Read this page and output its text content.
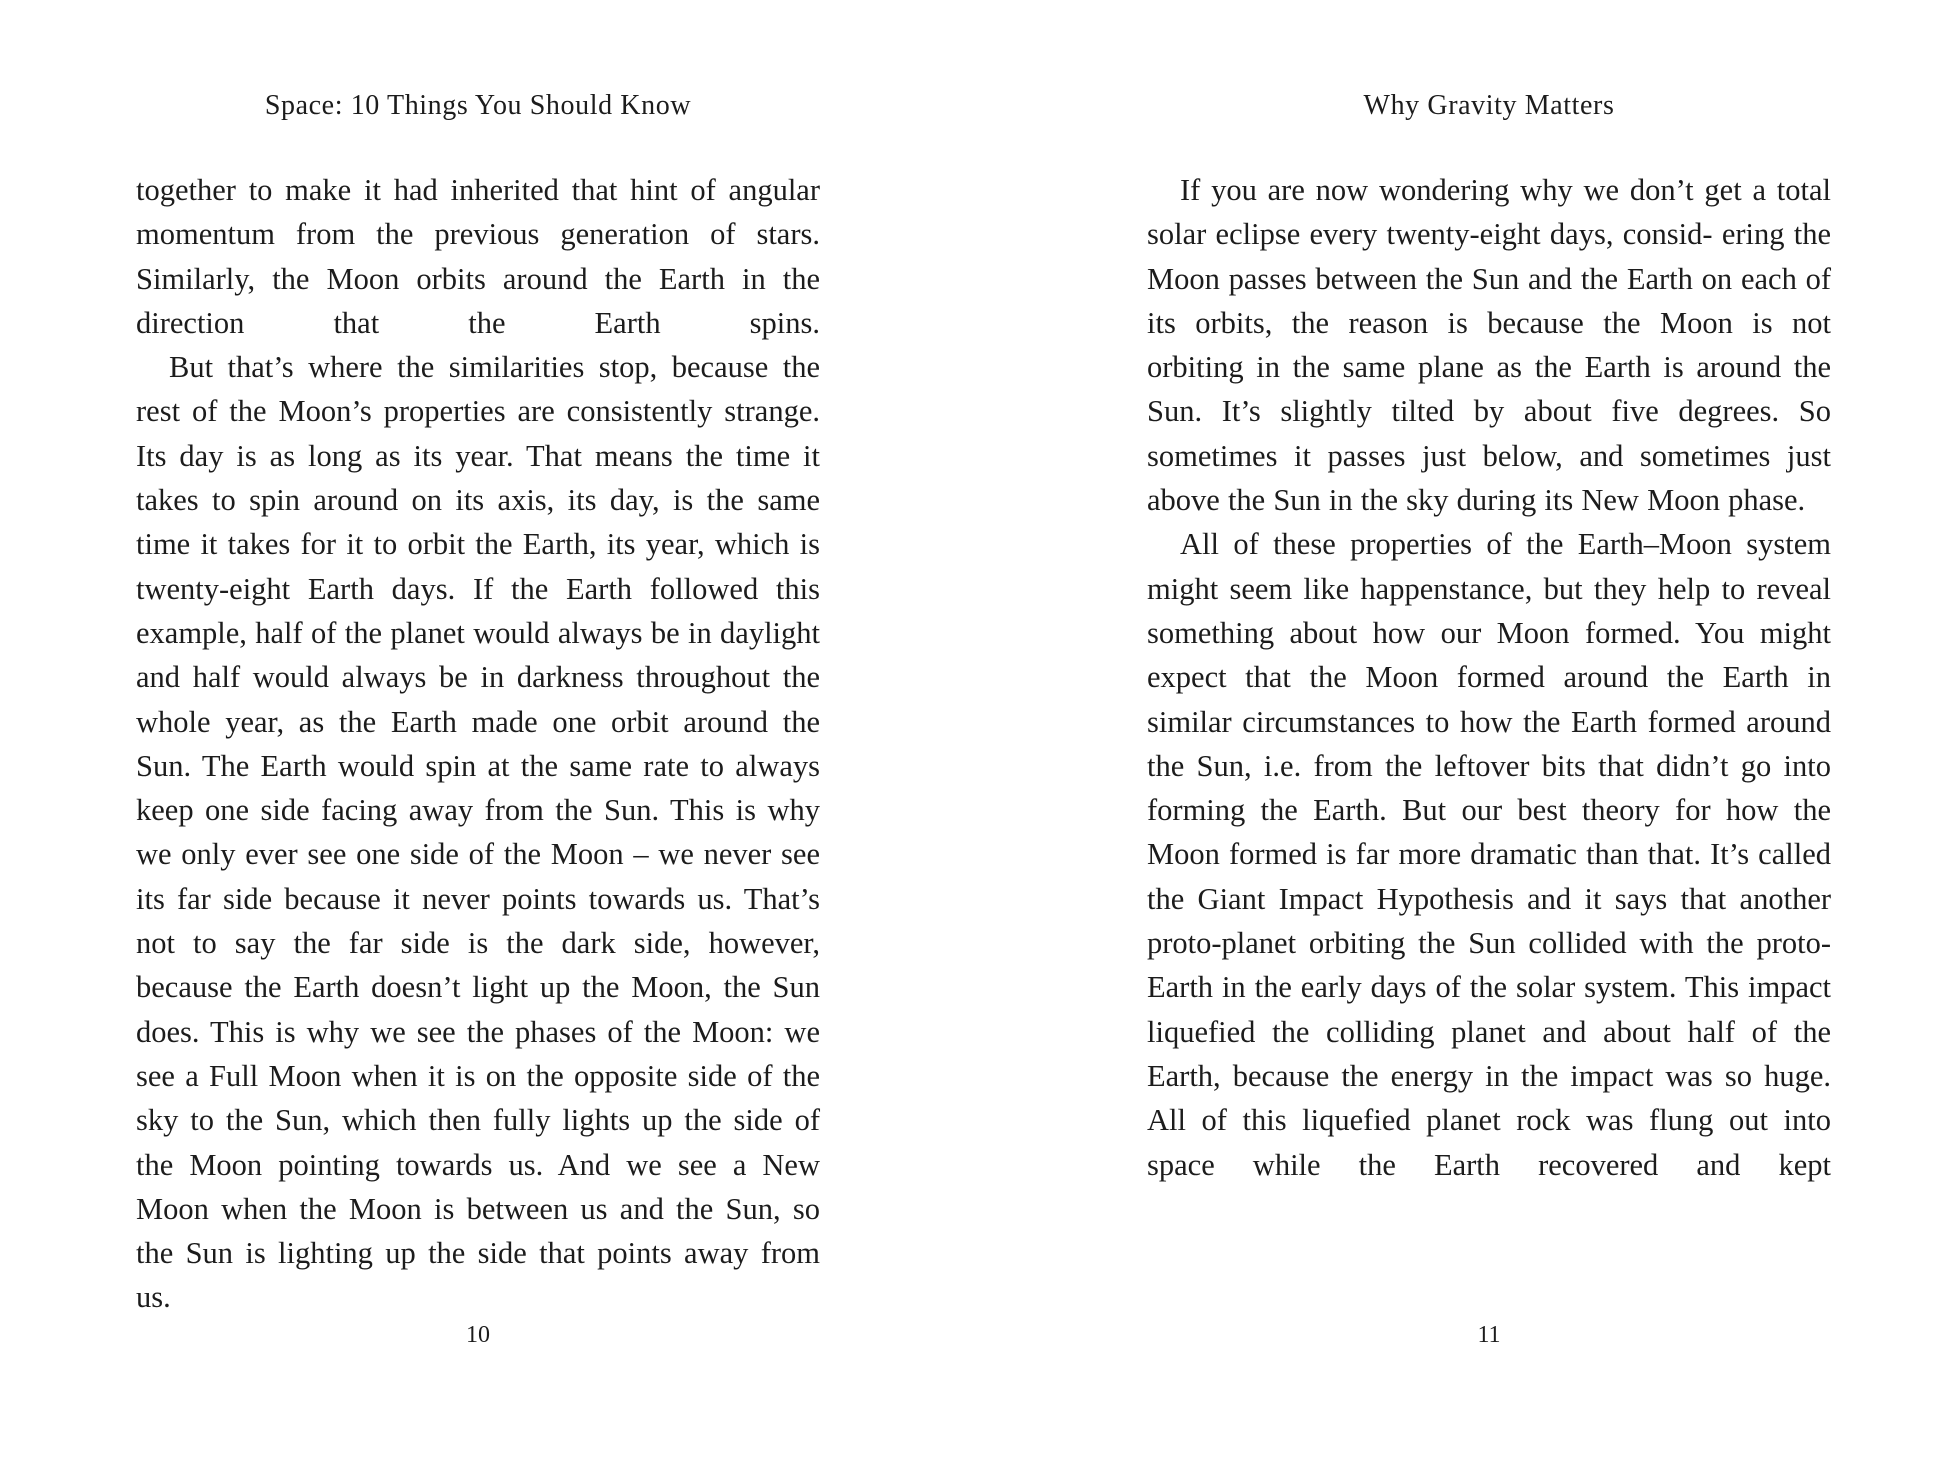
Space: 10 Things You Should Know

together to make it had inherited that hint of angular momentum from the previous generation of stars. Similarly, the Moon orbits around the Earth in the direction that the Earth spins.

But that’s where the similarities stop, because the rest of the Moon’s properties are consistently strange. Its day is as long as its year. That means the time it takes to spin around on its axis, its day, is the same time it takes for it to orbit the Earth, its year, which is twenty-eight Earth days. If the Earth followed this example, half of the planet would always be in daylight and half would always be in darkness throughout the whole year, as the Earth made one orbit around the Sun. The Earth would spin at the same rate to always keep one side facing away from the Sun. This is why we only ever see one side of the Moon – we never see its far side because it never points towards us. That’s not to say the far side is the dark side, however, because the Earth doesn’t light up the Moon, the Sun does. This is why we see the phases of the Moon: we see a Full Moon when it is on the opposite side of the sky to the Sun, which then fully lights up the side of the Moon pointing towards us. And we see a New Moon when the Moon is between us and the Sun, so the Sun is lighting up the side that points away from us.

10
Why Gravity Matters

If you are now wondering why we don’t get a total solar eclipse every twenty-eight days, consid- ering the Moon passes between the Sun and the Earth on each of its orbits, the reason is because the Moon is not orbiting in the same plane as the Earth is around the Sun. It’s slightly tilted by about five degrees. So sometimes it passes just below, and sometimes just above the Sun in the sky during its New Moon phase.

All of these properties of the Earth–Moon system might seem like happenstance, but they help to reveal something about how our Moon formed. You might expect that the Moon formed around the Earth in similar circumstances to how the Earth formed around the Sun, i.e. from the leftover bits that didn’t go into forming the Earth. But our best theory for how the Moon formed is far more dramatic than that. It’s called the Giant Impact Hypothesis and it says that another proto-planet orbiting the Sun collided with the proto-Earth in the early days of the solar system. This impact liquefied the colliding planet and about half of the Earth, because the energy in the impact was so huge. All of this liquefied planet rock was flung out into space while the Earth recovered and kept

11
